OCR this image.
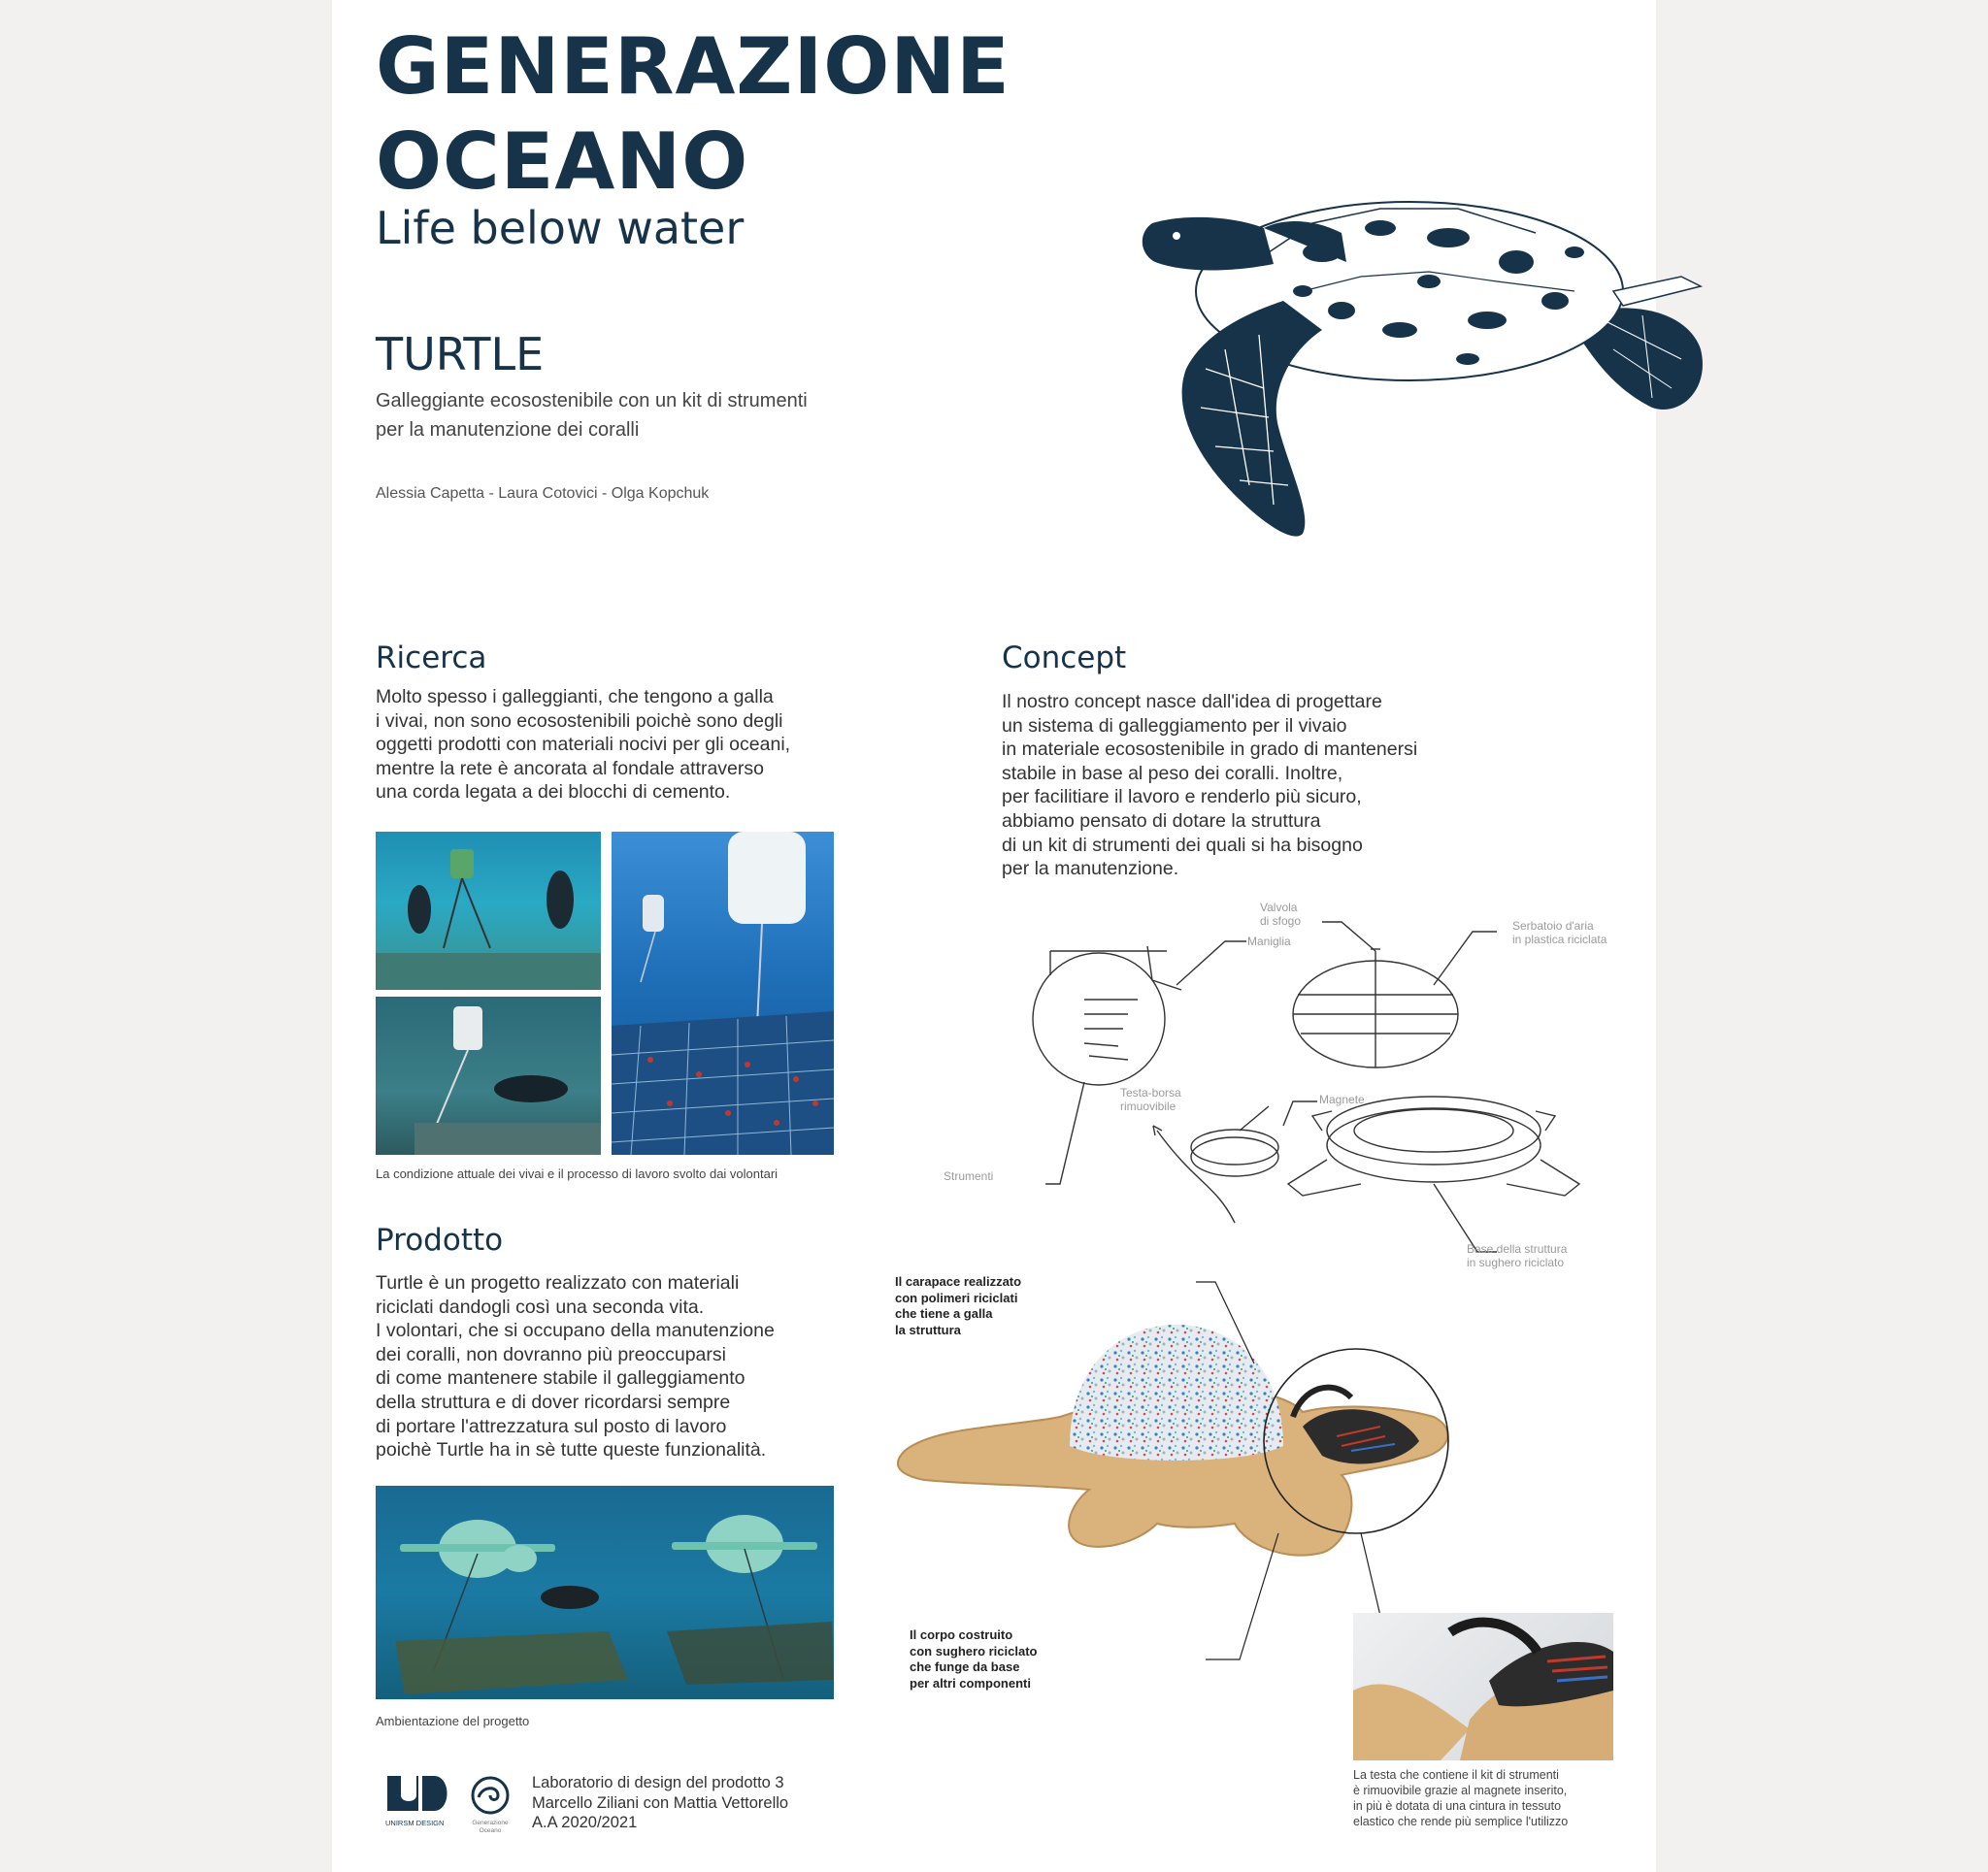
GENERAZIONE
OCEANO
Life below water
TURTLE
Galleggiante ecosostenibile con un kit di strumenti
per la manutenzione dei coralli
Alessia Capetta - Laura Cotovici - Olga Kopchuk
Ricerca
Molto spesso i galleggianti, che tengono a galla
i vivai, non sono ecosostenibili poichè sono degli
oggetti prodotti con materiali nocivi per gli oceani,
mentre la rete è ancorata al fondale attraverso
una corda legata a dei blocchi di cemento.
La condizione attuale dei vivai e il processo di lavoro svolto dai volontari
Prodotto
Turtle è un progetto realizzato con materiali
riciclati dandogli così una seconda vita.
I volontari, che si occupano della manutenzione
dei coralli, non dovranno più preoccuparsi
di come mantenere stabile il galleggiamento
della struttura e di dover ricordarsi sempre
di portare l'attrezzatura sul posto di lavoro
poichè Turtle ha in sè tutte queste funzionalità.
Ambientazione del progetto
Concept
Il nostro concept nasce dall'idea di progettare
un sistema di galleggiamento per il vivaio
in materiale ecosostenibile in grado di mantenersi
stabile in base al peso dei coralli. Inoltre,
per facilitiare il lavoro e renderlo più sicuro,
abbiamo pensato di dotare la struttura
di un kit di strumenti dei quali si ha bisogno
per la manutenzione.
Valvola
di sfogo
Maniglia
Serbatoio d'aria
in plastica riciclata
Testa-borsa
rimuovibile	Magnete
Strumenti
Base della struttura
in sughero riciclato
Il carapace realizzato
con polimeri riciclati
che tiene a galla
la struttura
Il corpo costruito
con sughero riciclato
che funge da base
per altri componenti
La testa che contiene il kit di strumenti
è rimuovibile grazie al magnete inserito,
in più è dotata di una cintura in tessuto
elastico che rende più semplice l'utilizzo
UNIRSM DESIGN	Generazione
Oceano
Laboratorio di design del prodotto 3
Marcello Ziliani con Mattia Vettorello
A.A 2020/2021
